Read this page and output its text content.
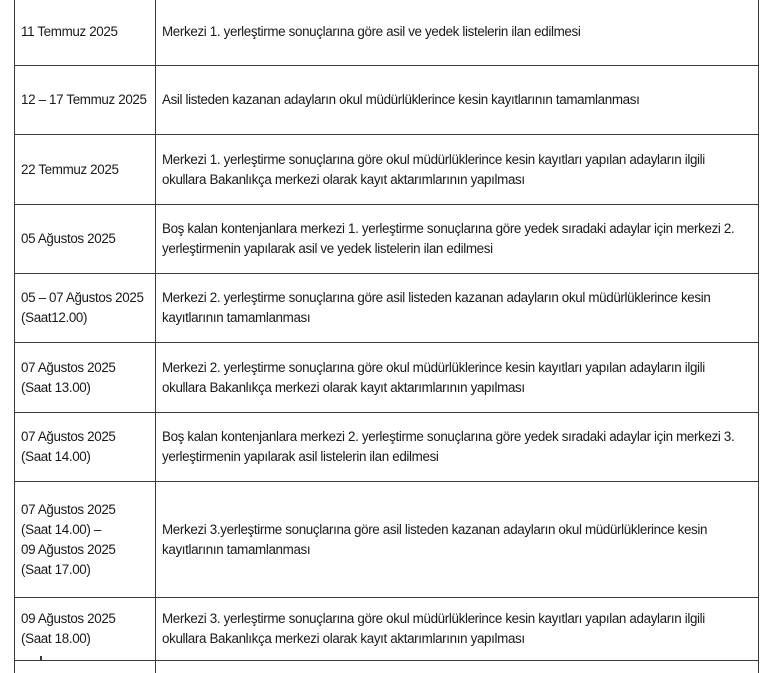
11 Temmuz 2025	Merkezi 1. yerleştirme sonuçlarına göre asil ve yedek listelerin ilan edilmesi
12 – 17 Temmuz 2025	Asil listeden kazanan adayların okul müdürlüklerince kesin kayıtlarının tamamlanması
22 Temmuz 2025	Merkezi 1. yerleştirme sonuçlarına göre okul müdürlüklerince kesin kayıtları yapılan adayların ilgili okullara Bakanlıkça merkezi olarak kayıt aktarımlarının yapılması
05 Ağustos 2025	Boş kalan kontenjanlara merkezi 1. yerleştirme sonuçlarına göre yedek sıradaki adaylar için merkezi 2. yerleştirmenin yapılarak asil ve yedek listelerin ilan edilmesi
05 – 07 Ağustos 2025
(Saat12.00)	Merkezi 2. yerleştirme sonuçlarına göre asil listeden kazanan adayların okul müdürlüklerince kesin kayıtlarının tamamlanması
07 Ağustos 2025
(Saat 13.00)	Merkezi 2. yerleştirme sonuçlarına göre okul müdürlüklerince kesin kayıtları yapılan adayların ilgili okullara Bakanlıkça merkezi olarak kayıt aktarımlarının yapılması
07 Ağustos 2025
(Saat 14.00)	Boş kalan kontenjanlara merkezi 2. yerleştirme sonuçlarına göre yedek sıradaki adaylar için merkezi 3. yerleştirmenin yapılarak asil listelerin ilan edilmesi
07 Ağustos 2025
(Saat 14.00) –
09 Ağustos 2025
(Saat 17.00)	Merkezi 3.yerleştirme sonuçlarına göre asil listeden kazanan adayların okul müdürlüklerince kesin kayıtlarının tamamlanması
09 Ağustos 2025
(Saat 18.00)	Merkezi 3. yerleştirme sonuçlarına göre okul müdürlüklerince kesin kayıtları yapılan adayların ilgili okullara Bakanlıkça merkezi olarak kayıt aktarımlarının yapılması
